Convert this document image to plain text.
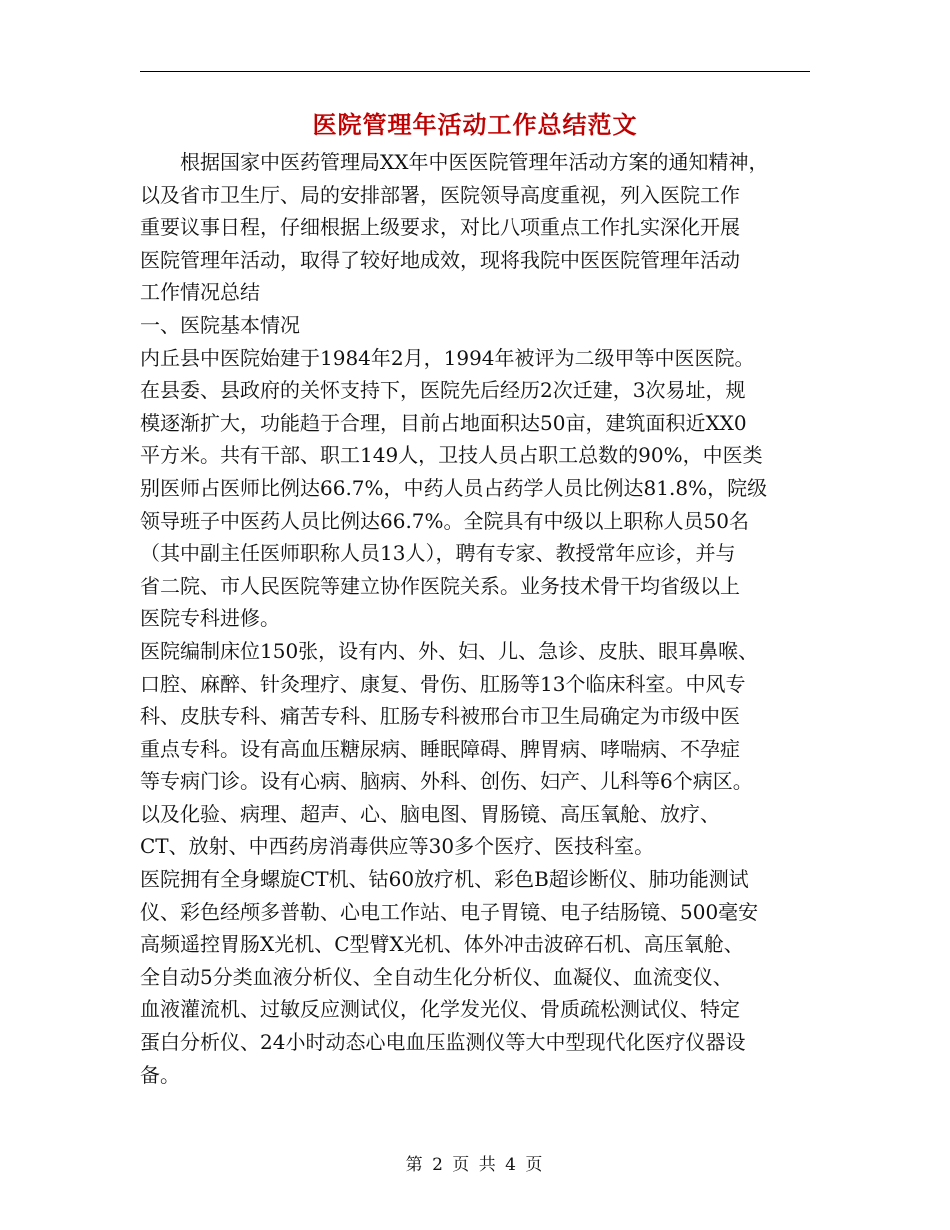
医院管理年活动工作总结范文
　　根据国家中医药管理局XX年中医医院管理年活动方案的通知精神，
以及省市卫生厅、局的安排部署，医院领导高度重视，列入医院工作
重要议事日程，仔细根据上级要求，对比八项重点工作扎实深化开展
医院管理年活动，取得了较好地成效，现将我院中医医院管理年活动
工作情况总结
一、医院基本情况
内丘县中医院始建于1984年2月，1994年被评为二级甲等中医医院。
在县委、县政府的关怀支持下，医院先后经历2次迁建，3次易址，规
模逐渐扩大，功能趋于合理，目前占地面积达50亩，建筑面积近XX0
平方米。共有干部、职工149人，卫技人员占职工总数的90%，中医类
别医师占医师比例达66.7%，中药人员占药学人员比例达81.8%，院级
领导班子中医药人员比例达66.7%。全院具有中级以上职称人员50名
（其中副主任医师职称人员13人），聘有专家、教授常年应诊，并与
省二院、市人民医院等建立协作医院关系。业务技术骨干均省级以上
医院专科进修。
医院编制床位150张，设有内、外、妇、儿、急诊、皮肤、眼耳鼻喉、
口腔、麻醉、针灸理疗、康复、骨伤、肛肠等13个临床科室。中风专
科、皮肤专科、痛苦专科、肛肠专科被邢台市卫生局确定为市级中医
重点专科。设有高血压糖尿病、睡眠障碍、脾胃病、哮喘病、不孕症
等专病门诊。设有心病、脑病、外科、创伤、妇产、儿科等6个病区。
以及化验、病理、超声、心、脑电图、胃肠镜、高压氧舱、放疗、
CT、放射、中西药房消毒供应等30多个医疗、医技科室。
医院拥有全身螺旋CT机、钴60放疗机、彩色B超诊断仪、肺功能测试
仪、彩色经颅多普勒、心电工作站、电子胃镜、电子结肠镜、500毫安
高频遥控胃肠X光机、C型臂X光机、体外冲击波碎石机、高压氧舱、
全自动5分类血液分析仪、全自动生化分析仪、血凝仪、血流变仪、
血液灌流机、过敏反应测试仪，化学发光仪、骨质疏松测试仪、特定
蛋白分析仪、24小时动态心电血压监测仪等大中型现代化医疗仪器设
备。
第 2 页 共 4 页
